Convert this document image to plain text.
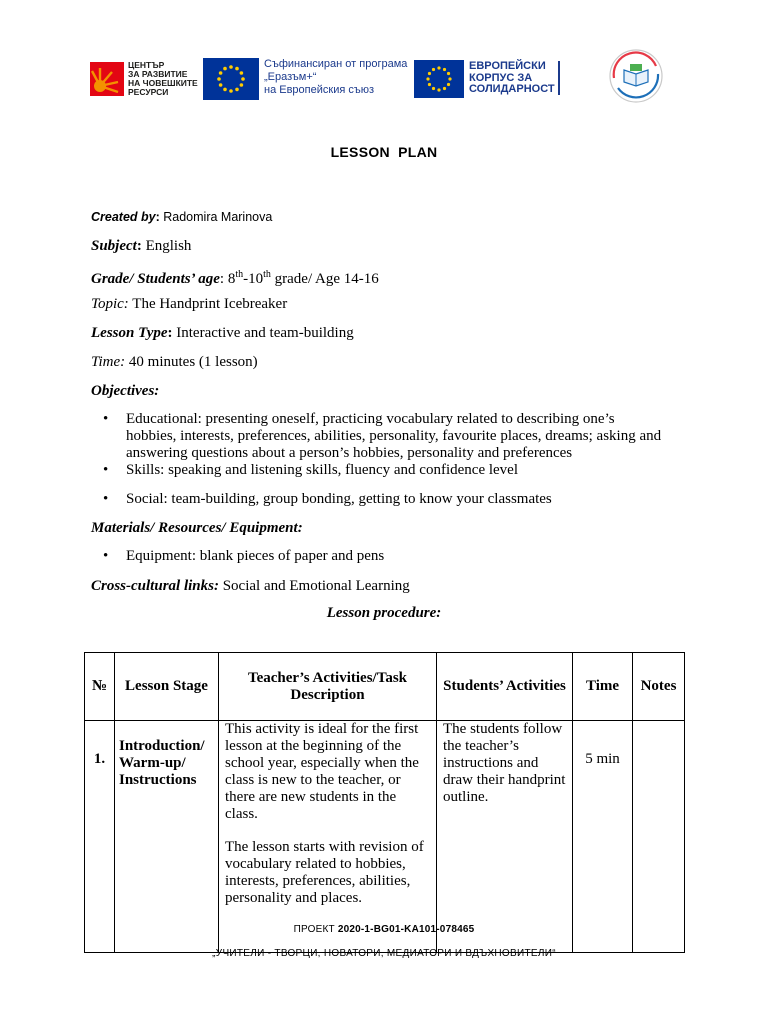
ЦЕНТЪР
ЗА РАЗВИТИЕ
НА ЧОВЕШКИТЕ
РЕСУРСИ
Съфинансиран от програма
„Еразъм+“
на Европейския съюз
ЕВРОПЕЙСКИ
КОРПУС ЗА
СОЛИДАРНОСТ
LESSON PLAN
Created by: Radomira Marinova
Subject: English
Grade/ Students’ age: 8th-10th grade/ Age 14-16
Topic: The Handprint Icebreaker
Lesson Type: Interactive and team-building
Time: 40 minutes (1 lesson)
Objectives:
• Educational: presenting oneself, practicing vocabulary related to describing one’s hobbies, interests, preferences, abilities, personality, favourite places, dreams; asking and answering questions about a person’s hobbies, personality and preferences
• Skills: speaking and listening skills, fluency and confidence level
• Social: team-building, group bonding, getting to know your classmates
Materials/ Resources/ Equipment:
• Equipment: blank pieces of paper and pens
Cross-cultural links: Social and Emotional Learning
Lesson procedure:
№	Lesson Stage	Teacher’s Activities/Task Description	Students’ Activities	Time	Notes
1.	Introduction/ Warm-up/ Instructions	This activity is ideal for the first lesson at the beginning of the school year, especially when the class is new to the teacher, or there are new students in the class.
The lesson starts with revision of vocabulary related to hobbies, interests, preferences, abilities, personality and places.	The students follow the teacher’s instructions and draw their handprint outline.	5 min	
ПРОЕКТ 2020-1-BG01-KA101-078465
„УЧИТЕЛИ - ТВОРЦИ, НОВАТОРИ, МЕДИАТОРИ И ВДЪХНОВИТЕЛИ“
